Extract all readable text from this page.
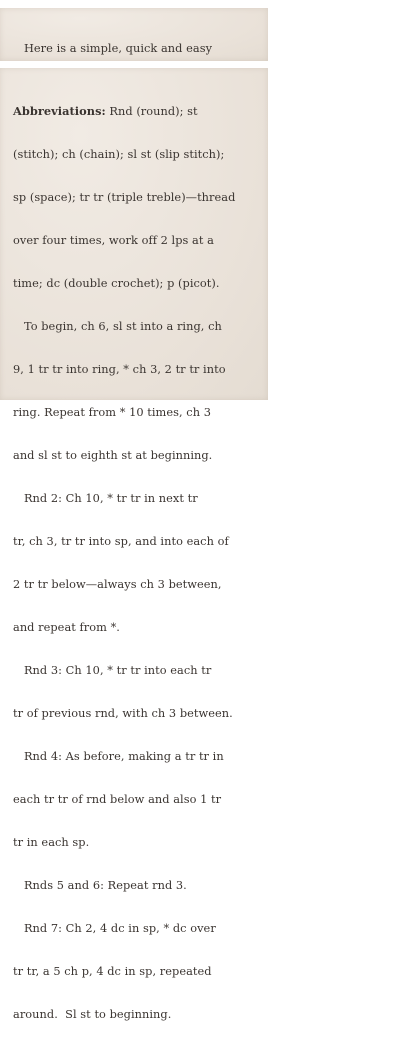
Here is a simple, quick and easy

Abbreviations: Rnd (round); st

(stitch); ch (chain); sl st (slip stitch);

sp (space); tr tr (triple treble)—thread

over four times, work off 2 lps at a

time; dc (double crochet); p (picot).

To begin, ch 6, sl st into a ring, ch

9, 1 tr tr into ring, * ch 3, 2 tr tr into

ring. Repeat from * 10 times, ch 3

and sl st to eighth st at beginning.

Rnd 2: Ch 10, * tr tr in next tr

tr, ch 3, tr tr into sp, and into each of

2 tr tr below—always ch 3 between,

and repeat from *.

Rnd 3: Ch 10, * tr tr into each tr

tr of previous rnd, with ch 3 between.

Rnd 4: As before, making a tr tr in

each tr tr of rnd below and also 1 tr

tr in each sp.

Rnds 5 and 6: Repeat rnd 3.

Rnd 7: Ch 2, 4 dc in sp, * dc over

tr tr, a 5 ch p, 4 dc in sp, repeated

around.  Sl st to beginning.
